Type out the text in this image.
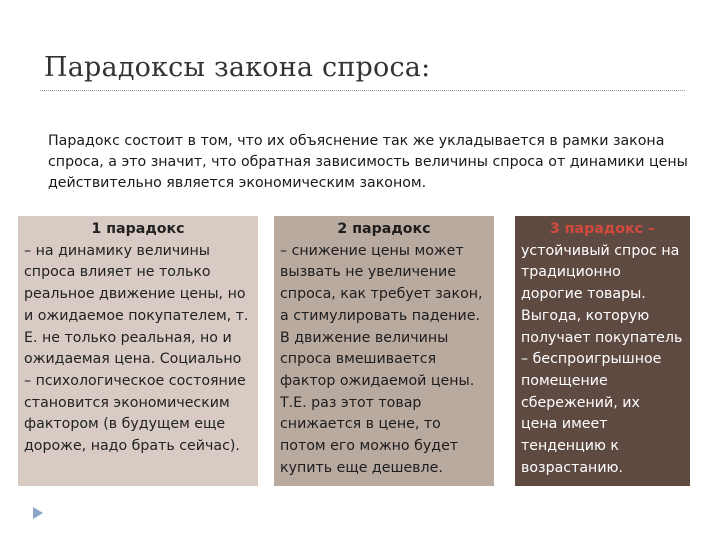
Парадоксы закона спроса:
Парадокс состоит в том, что их объяснение так же укладывается в рамки закона спроса, а это значит, что обратная зависимость величины спроса от динамики цены действительно является экономическим законом.
1 парадокс
– на динамику величины
спроса влияет не только
реальное движение цены, но
и ожидаемое покупателем, т.
Е. не только реальная, но и
ожидаемая цена. Социально
– психологическое состояние
становится экономическим
фактором (в будущем еще
дороже, надо брать сейчас).
2 парадокс
– снижение цены может
вызвать не увеличение
спроса, как требует закон,
а стимулировать падение.
В движение величины
спроса вмешивается
фактор ожидаемой цены.
Т.Е. раз этот товар
снижается в цене, то
потом его можно будет
купить еще дешевле.
3 парадокс –
устойчивый спрос на
традиционно
дорогие товары.
Выгода, которую
получает покупатель
– беспроигрышное
помещение
сбережений, их
цена имеет
тенденцию к
возрастанию.
